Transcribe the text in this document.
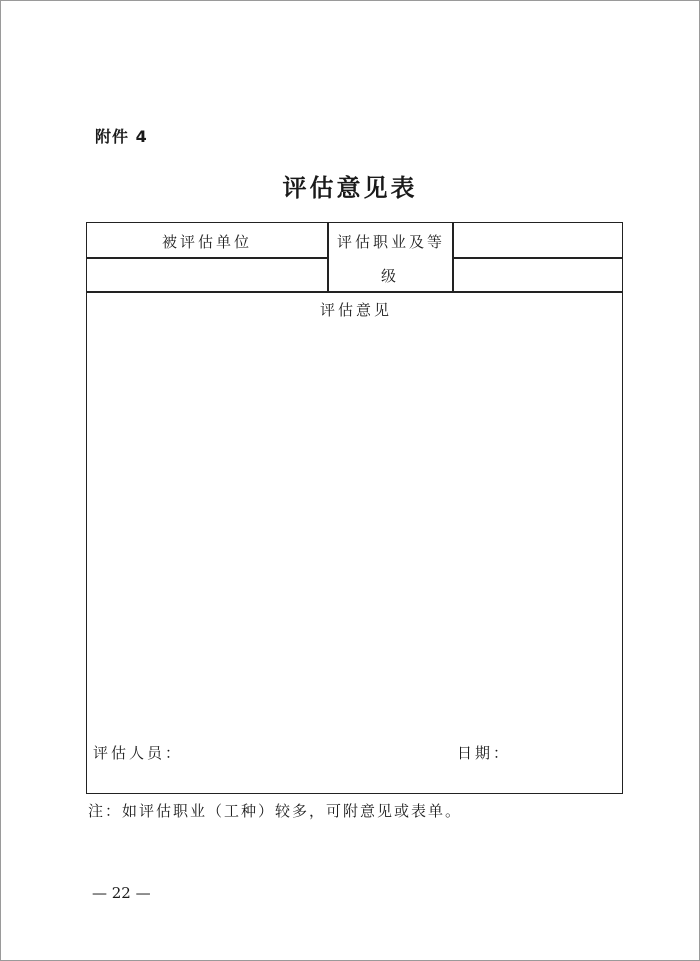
附件 4
评估意见表
被评估单位	评估职业及等
级
评估意见
评估人员：	日期：
注：如评估职业（工种）较多，可附意见或表单。
— 22 —
